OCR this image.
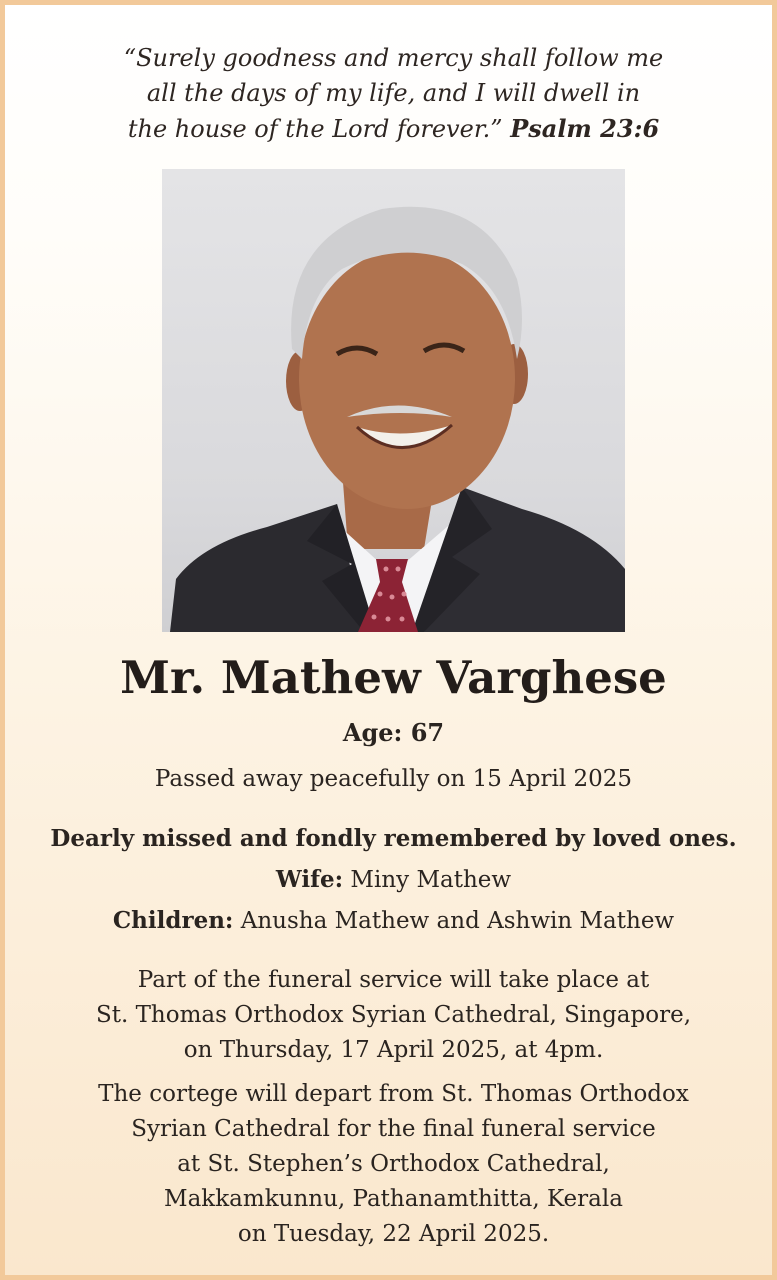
“Surely goodness and mercy shall follow me
all the days of my life, and I will dwell in
the house of the Lord forever.” Psalm 23:6
Mr. Mathew Varghese
Age: 67
Passed away peacefully on 15 April 2025
Dearly missed and fondly remembered by loved ones.
Wife: Miny Mathew
Children: Anusha Mathew and Ashwin Mathew
Part of the funeral service will take place at
St. Thomas Orthodox Syrian Cathedral, Singapore,
on Thursday, 17 April 2025, at 4pm.
The cortege will depart from St. Thomas Orthodox
Syrian Cathedral for the final funeral service
at St. Stephen’s Orthodox Cathedral,
Makkamkunnu, Pathanamthitta, Kerala
on Tuesday, 22 April 2025.
